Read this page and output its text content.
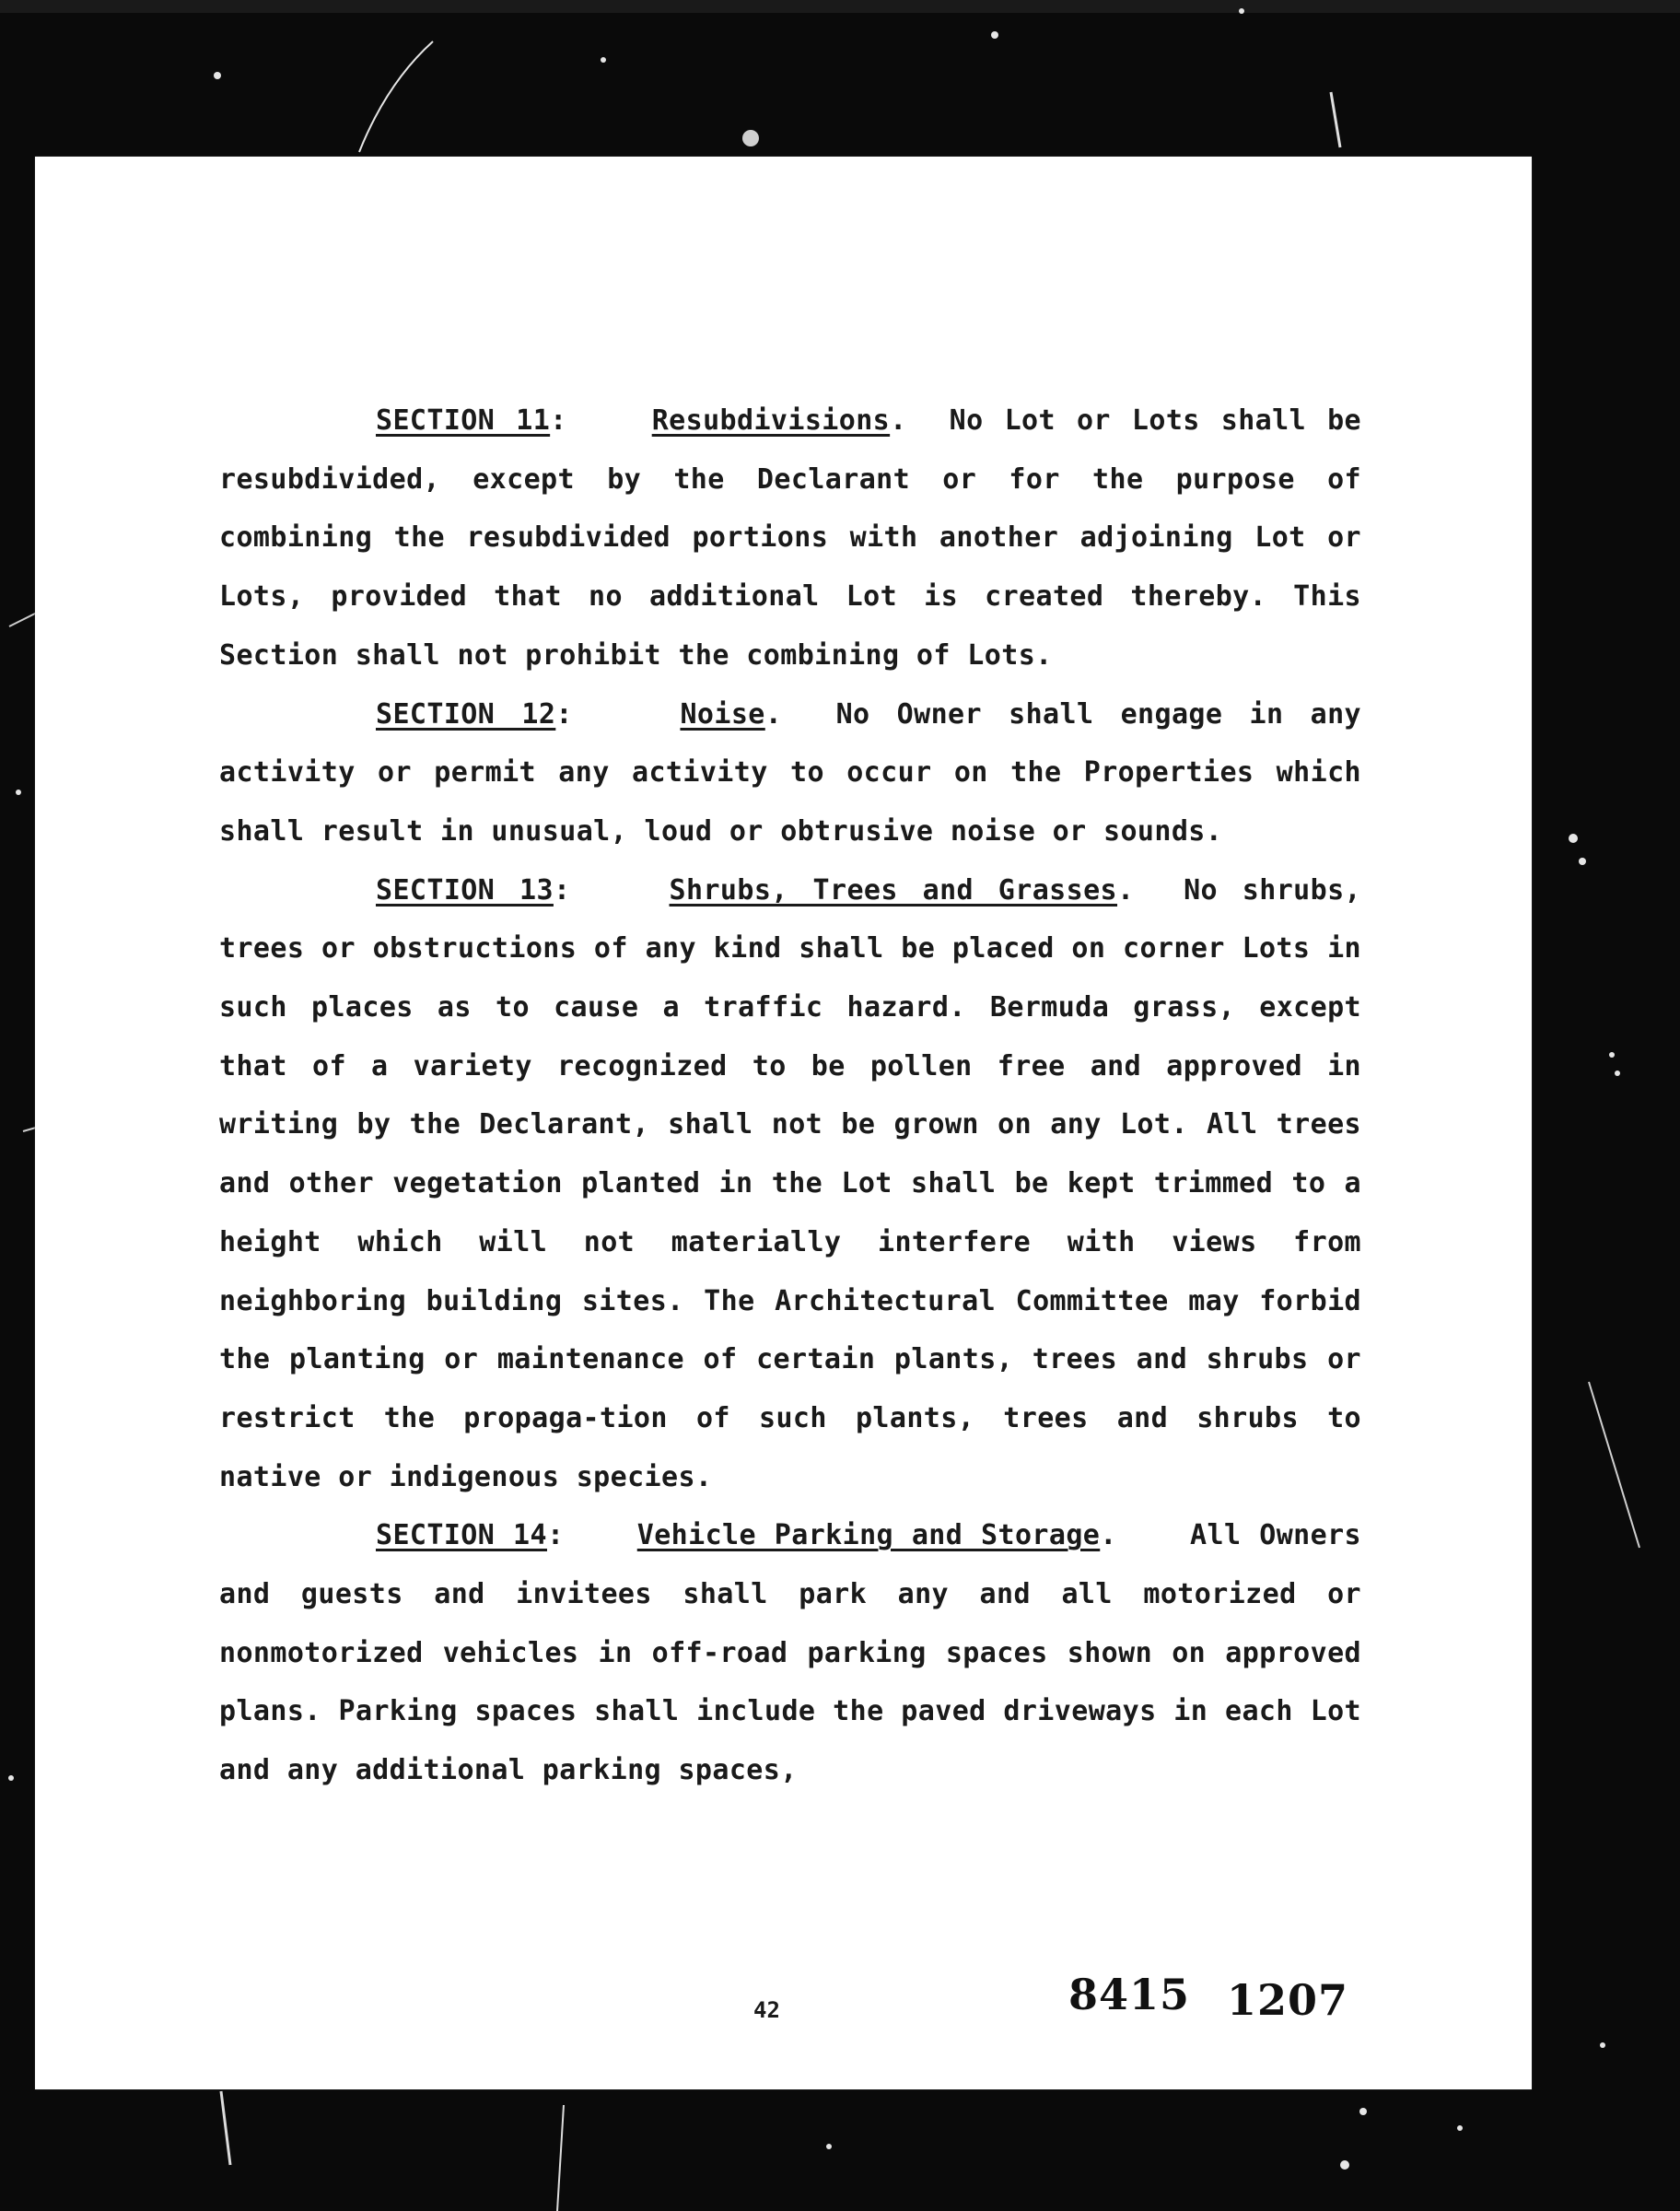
SECTION 11:    Resubdivisions.  No Lot or Lots shall be resubdivided, except by the Declarant or for the purpose of combining the resubdivided portions with another adjoining Lot or Lots, provided that no additional Lot is created thereby. This Section shall not prohibit the combining of Lots.

SECTION 12:    Noise.  No Owner shall engage in any activity or permit any activity to occur on the Properties which shall result in unusual, loud or obtrusive noise or sounds.

SECTION 13:    Shrubs, Trees and Grasses.  No shrubs, trees or obstructions of any kind shall be placed on corner Lots in such places as to cause a traffic hazard. Bermuda grass, except that of a variety recognized to be pollen free and approved in writing by the Declarant, shall not be grown on any Lot. All trees and other vegetation planted in the Lot shall be kept trimmed to a height which will not materially interfere with views from neighboring building sites. The Architectural Committee may forbid the planting or maintenance of certain plants, trees and shrubs or restrict the propaga-tion of such plants, trees and shrubs to native or indigenous species.

SECTION 14:    Vehicle Parking and Storage.    All Owners and guests and invitees shall park any and all motorized or nonmotorized vehicles in off-road parking spaces shown on approved plans. Parking spaces shall include the paved driveways in each Lot and any additional parking spaces,

42	8415 1207
